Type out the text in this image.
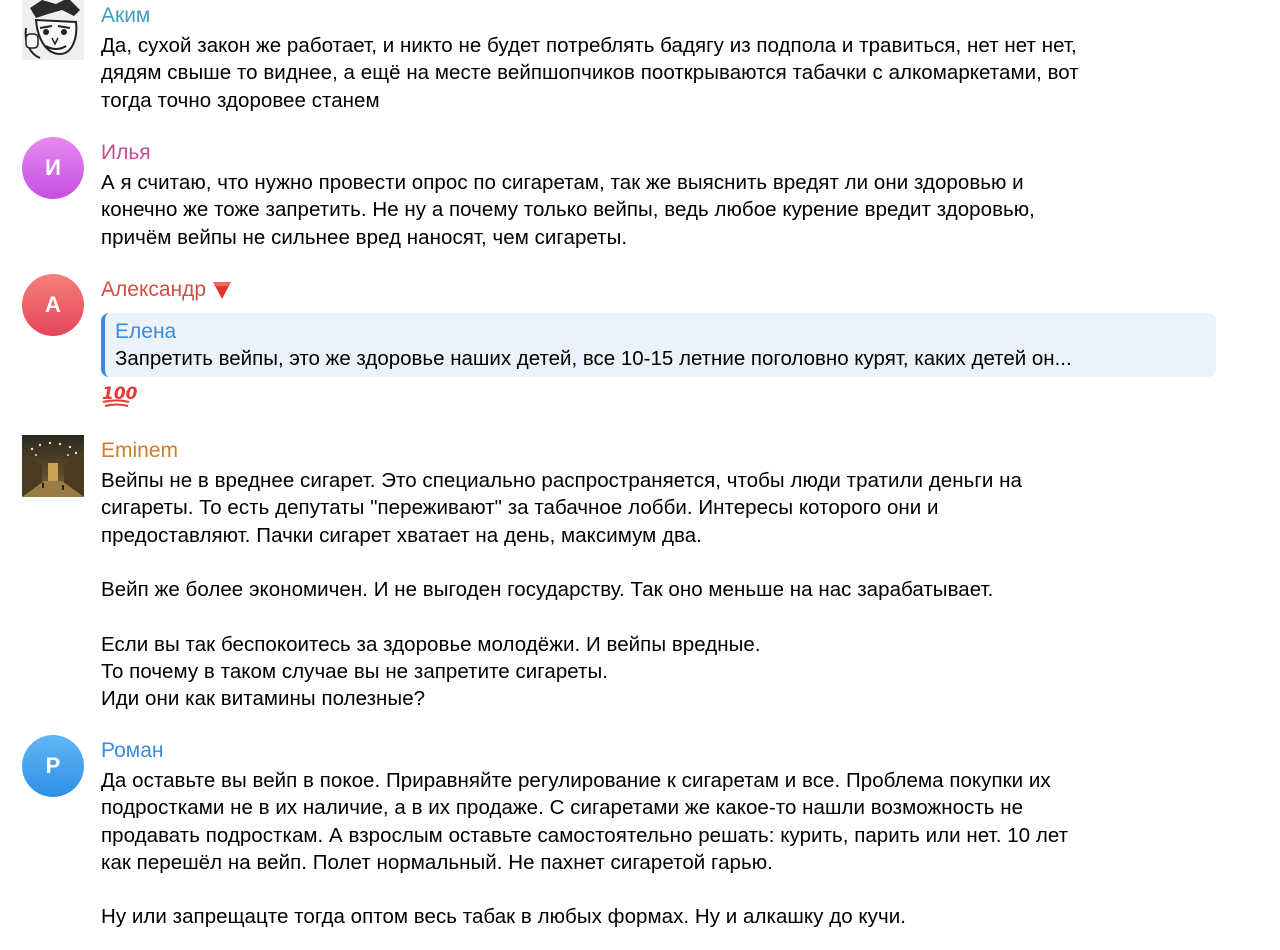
☺ Аким
Да, сухой закон же работает, и никто не будет потреблять бадягу из подпола и травиться, нет нет нет,
дядям свыше то виднее, а ещё на месте вейпшопчиков пооткрываются табачки с алкомаркетами, вот
тогда точно здоровее станем
И
Илья
А я считаю, что нужно провести опрос по сигаретам, так же выяснить вредят ли они здоровью и
конечно же тоже запретить. Не ну а почему только вейпы, ведь любое курение вредит здоровью,
причём вейпы не сильнее вред наносят, чем сигареты.
А
Александр
Елена
Запретить вейпы, это же здоровье наших детей, все 10-15 летние поголовно курят, каких детей он...
100
Eminem
Вейпы не в вреднее сигарет. Это специально распространяется, чтобы люди тратили деньги на
сигареты. То есть депутаты "переживают" за табачное лобби. Интересы которого они и
предоставляют. Пачки сигарет хватает на день, максимум два.

Вейп же более экономичен. И не выгоден государству. Так оно меньше на нас зарабатывает.

Если вы так беспокоитесь за здоровье молодёжи. И вейпы вредные.
То почему в таком случае вы не запретите сигареты.
Иди они как витамины полезные?
Р
Роман
Да оставьте вы вейп в покое. Приравняйте регулирование к сигаретам и все. Проблема покупки их
подростками не в их наличие, а в их продаже. С сигаретами же какое-то нашли возможность не
продавать подросткам. А взрослым оставьте самостоятельно решать: курить, парить или нет. 10 лет
как перешёл на вейп. Полет нормальный. Не пахнет сигаретой гарью.

Ну или запрещацте тогда оптом весь табак в любых формах. Ну и алкашку до кучи.
